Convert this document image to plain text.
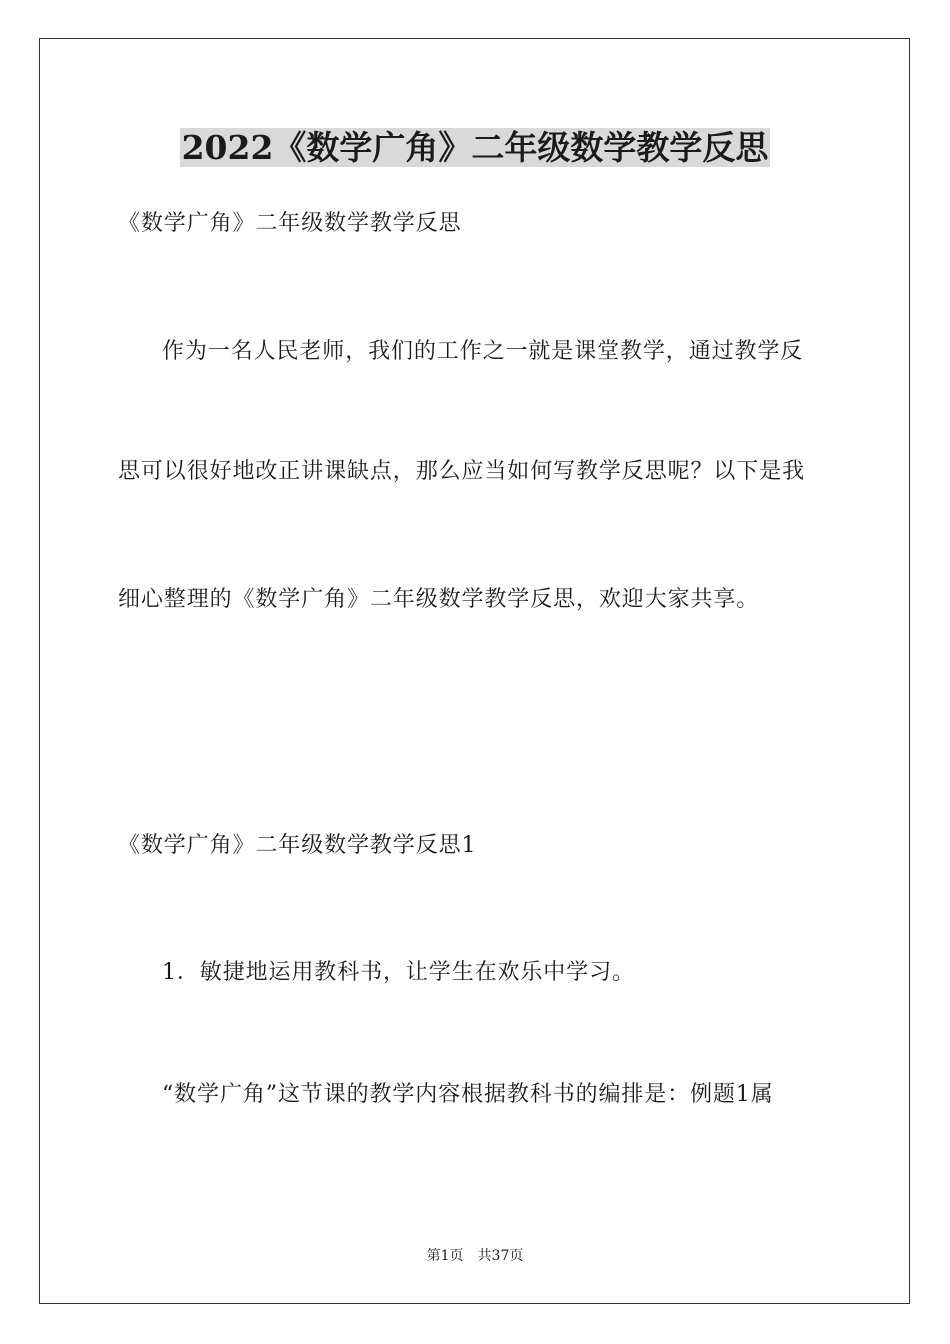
2022《数学广角》二年级数学教学反思

《数学广角》二年级数学教学反思

作为一名人民老师，我们的工作之一就是课堂教学，通过教学反

思可以很好地改正讲课缺点，那么应当如何写教学反思呢？以下是我

细心整理的《数学广角》二年级数学教学反思，欢迎大家共享。

《数学广角》二年级数学教学反思1

1．敏捷地运用教科书，让学生在欢乐中学习。

“数学广角”这节课的教学内容根据教科书的编排是：例题1属

第1页　共37页
